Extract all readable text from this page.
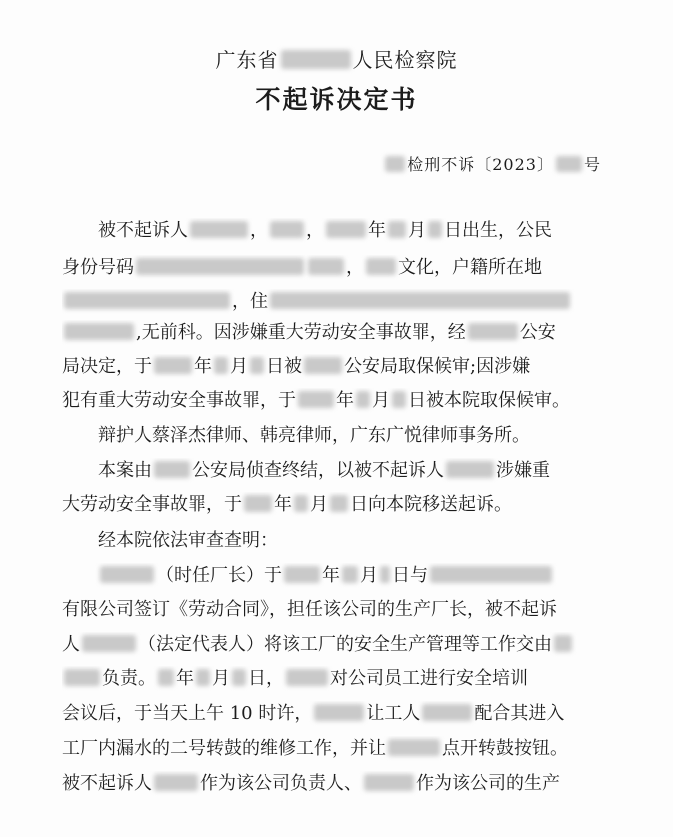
广东省	人民检察院
不起诉决定书
检刑不诉〔2023〕 号
被不起诉人	， ， 年 月 日出生，公民
身份号码	， 文化，户籍所在地
，住
,无前科。因涉嫌重大劳动安全事故罪，经	公安
局决定，于 年 月 日被 公安局取保候审;因涉嫌
犯有重大劳动安全事故罪，于 年 月 日被本院取保候审。
辩护人蔡泽杰律师、韩亮律师，广东广悦律师事务所。
本案由 公安局侦查终结，以被不起诉人	涉嫌重
大劳动安全事故罪，于 年 月 日向本院移送起诉。
经本院依法审查查明：
（时任厂长）于 年 月 日与
有限公司签订《劳动合同》，担任该公司的生产厂长，被不起诉
人	（法定代表人）将该工厂的安全生产管理等工作交由
负责。 年 月 日，	对公司员工进行安全培训
会议后，于当天上午 10 时许，	让工人	配合其进入
工厂内漏水的二号转鼓的维修工作，并让	点开转鼓按钮。
被不起诉人	作为该公司负责人、	作为该公司的生产
